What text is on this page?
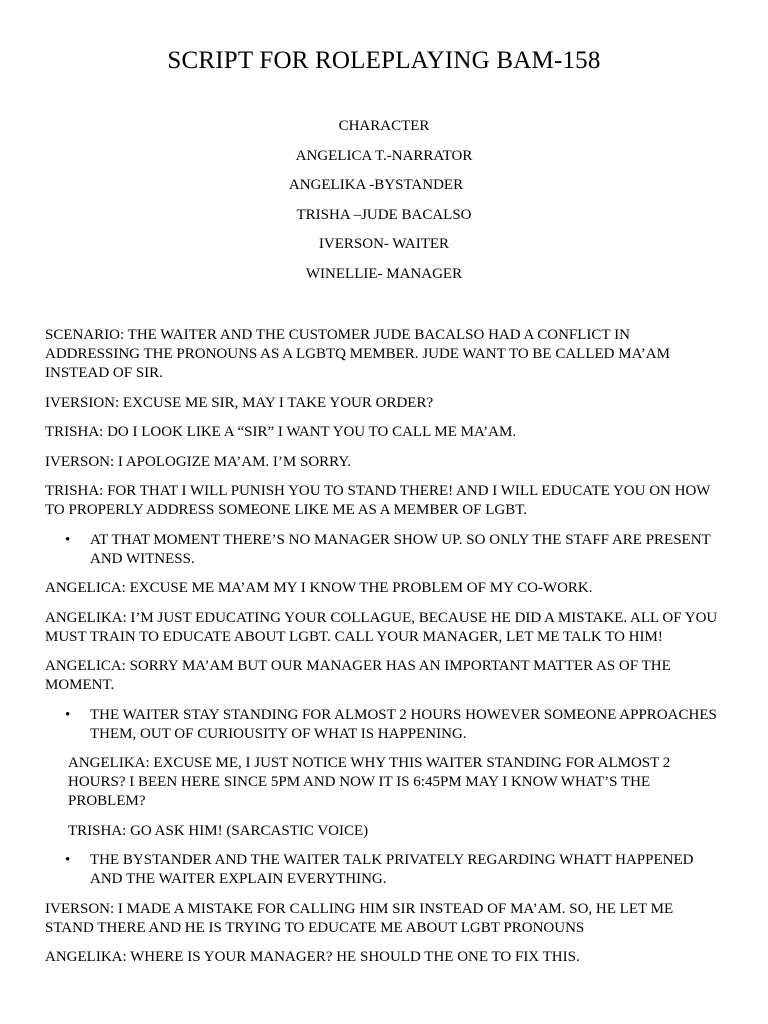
SCRIPT FOR ROLEPLAYING BAM-158
CHARACTER
ANGELICA T.-NARRATOR
ANGELIKA -BYSTANDER
TRISHA –JUDE BACALSO
IVERSON- WAITER
WINELLIE- MANAGER

SCENARIO: THE WAITER AND THE CUSTOMER JUDE BACALSO HAD A CONFLICT IN ADDRESSING THE PRONOUNS AS A LGBTQ MEMBER. JUDE WANT TO BE CALLED MA’AM INSTEAD OF SIR.

IVERSION: EXCUSE ME SIR, MAY I TAKE YOUR ORDER?

TRISHA: DO I LOOK LIKE A “SIR” I WANT YOU TO CALL ME MA’AM.

IVERSON: I APOLOGIZE MA’AM. I’M SORRY.

TRISHA: FOR THAT I WILL PUNISH YOU TO STAND THERE! AND I WILL EDUCATE YOU ON HOW TO PROPERLY ADDRESS SOMEONE LIKE ME AS A MEMBER OF LGBT.

• AT THAT MOMENT THERE’S NO MANAGER SHOW UP. SO ONLY THE STAFF ARE PRESENT AND WITNESS.

ANGELICA: EXCUSE ME MA’AM MY I KNOW THE PROBLEM OF MY CO-WORK.

ANGELIKA: I’M JUST EDUCATING YOUR COLLAGUE, BECAUSE HE DID A MISTAKE. ALL OF YOU MUST TRAIN TO EDUCATE ABOUT LGBT. CALL YOUR MANAGER, LET ME TALK TO HIM!

ANGELICA: SORRY MA’AM BUT OUR MANAGER HAS AN IMPORTANT MATTER AS OF THE MOMENT.

• THE WAITER STAY STANDING FOR ALMOST 2 HOURS HOWEVER SOMEONE APPROACHES THEM, OUT OF CURIOUSITY OF WHAT IS HAPPENING.

ANGELIKA: EXCUSE ME, I JUST NOTICE WHY THIS WAITER STANDING FOR ALMOST 2 HOURS? I BEEN HERE SINCE 5PM AND NOW IT IS 6:45PM MAY I KNOW WHAT’S THE PROBLEM?

TRISHA: GO ASK HIM! (SARCASTIC VOICE)

• THE BYSTANDER AND THE WAITER TALK PRIVATELY REGARDING WHATT HAPPENED AND THE WAITER EXPLAIN EVERYTHING.

IVERSON: I MADE A MISTAKE FOR CALLING HIM SIR INSTEAD OF MA’AM. SO, HE LET ME STAND THERE AND HE IS TRYING TO EDUCATE ME ABOUT LGBT PRONOUNS

ANGELIKA: WHERE IS YOUR MANAGER? HE SHOULD THE ONE TO FIX THIS.
